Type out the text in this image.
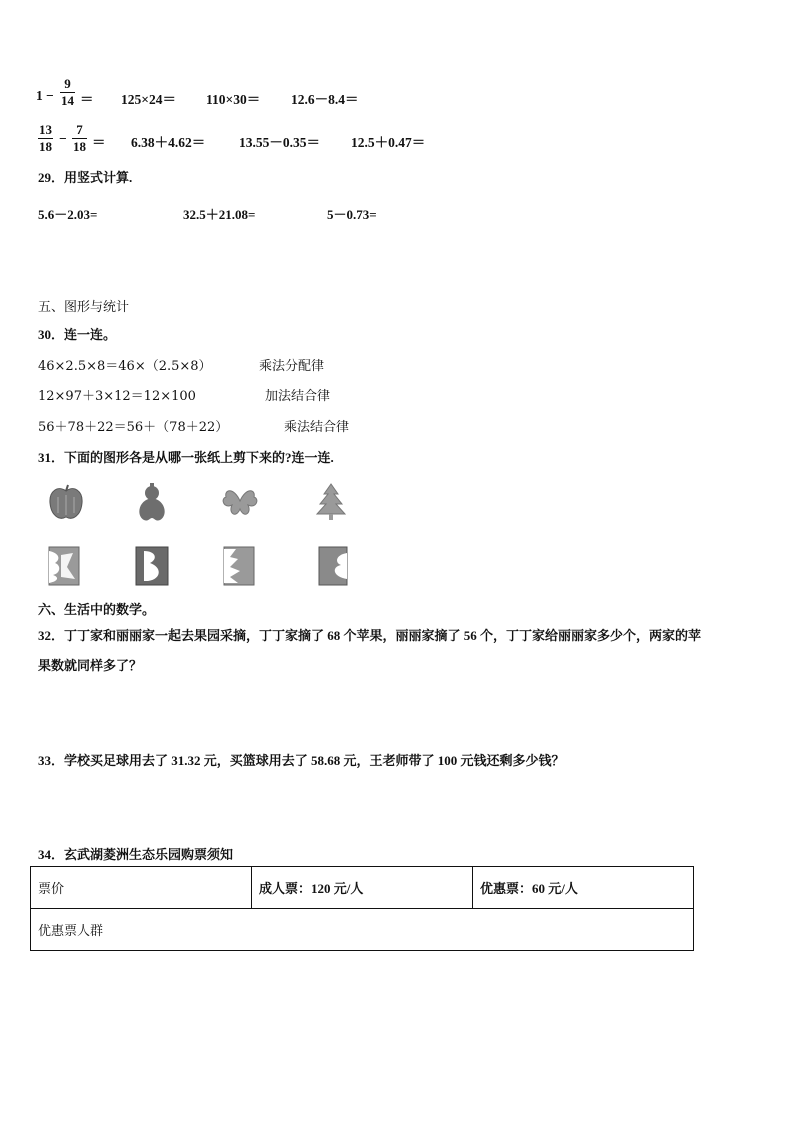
1 −
9
14 ＝ 125×24＝ 110×30＝ 12.6－8.4＝
13
18
−
7
18 ＝ 6.38＋4.62＝	13.55－0.35＝ 12.5＋0.47＝
29．用竖式计算.
5.6－2.03=	32.5＋21.08=	5－0.73=
五、图形与统计
30．连一连。
46×2.5×8＝46×（2.5×8）
12×97＋3×12＝12×100
56＋78＋22＝56＋（78＋22）
乘法分配律
加法结合律
乘法结合律
31．下面的图形各是从哪一张纸上剪下来的?连一连.
六、生活中的数学。
32．丁丁家和丽丽家一起去果园采摘，丁丁家摘了 68 个苹果，丽丽家摘了 56 个，丁丁家给丽丽家多少个，两家的苹
果数就同样多了？
33．学校买足球用去了 31.32 元，买篮球用去了 58.68 元，王老师带了 100 元钱还剩多少钱？
34．玄武湖菱洲生态乐园购票须知
票价	成人票：120 元/人	优惠票：60 元/人
优惠票人群
